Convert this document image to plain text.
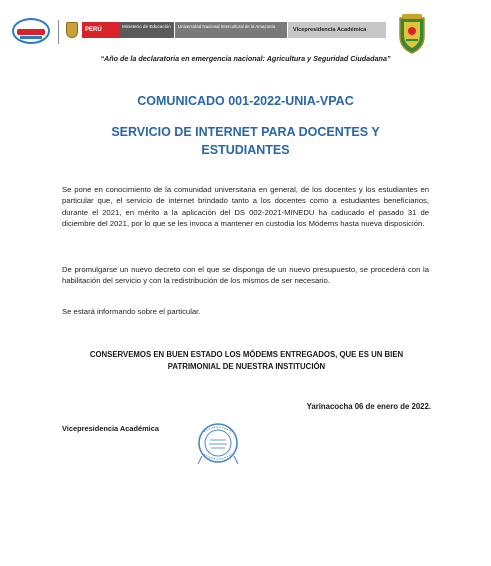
PERÚ
Ministerio de Educación	Universidad Nacional Intercultural de la Amazonía
Vicepresidencia Académica
“Año de la declaratoria en emergencia nacional: Agricultura y Seguridad Ciudadana”
COMUNICADO 001-2022-UNIA-VPAC
SERVICIO DE INTERNET PARA DOCENTES Y ESTUDIANTES

Se pone en conocimiento de la comunidad universitaria en general, de los docentes y los estudiantes en particular que, el servicio de internet brindado tanto a los docentes como a estudiantes beneficiarios, durante el 2021, en mérito a la aplicación del DS 002-2021-MINEDU ha caducado el pasado 31 de diciembre del 2021, por lo que se les invoca a mantener en custodia los Módems hasta nueva disposición.

De promulgarse un nuevo decreto con el que se disponga de un nuevo presupuesto, se procederá con la habilitación del servicio y con la redistribución de los mismos de ser necesario.

Se estará informando sobre el particular.

CONSERVEMOS EN BUEN ESTADO LOS MÓDEMS ENTREGADOS, QUE ES UN BIEN PATRIMONIAL DE NUESTRA INSTITUCIÓN
Yarinacocha 06 de enero de 2022.
Vicepresidencia Académica
